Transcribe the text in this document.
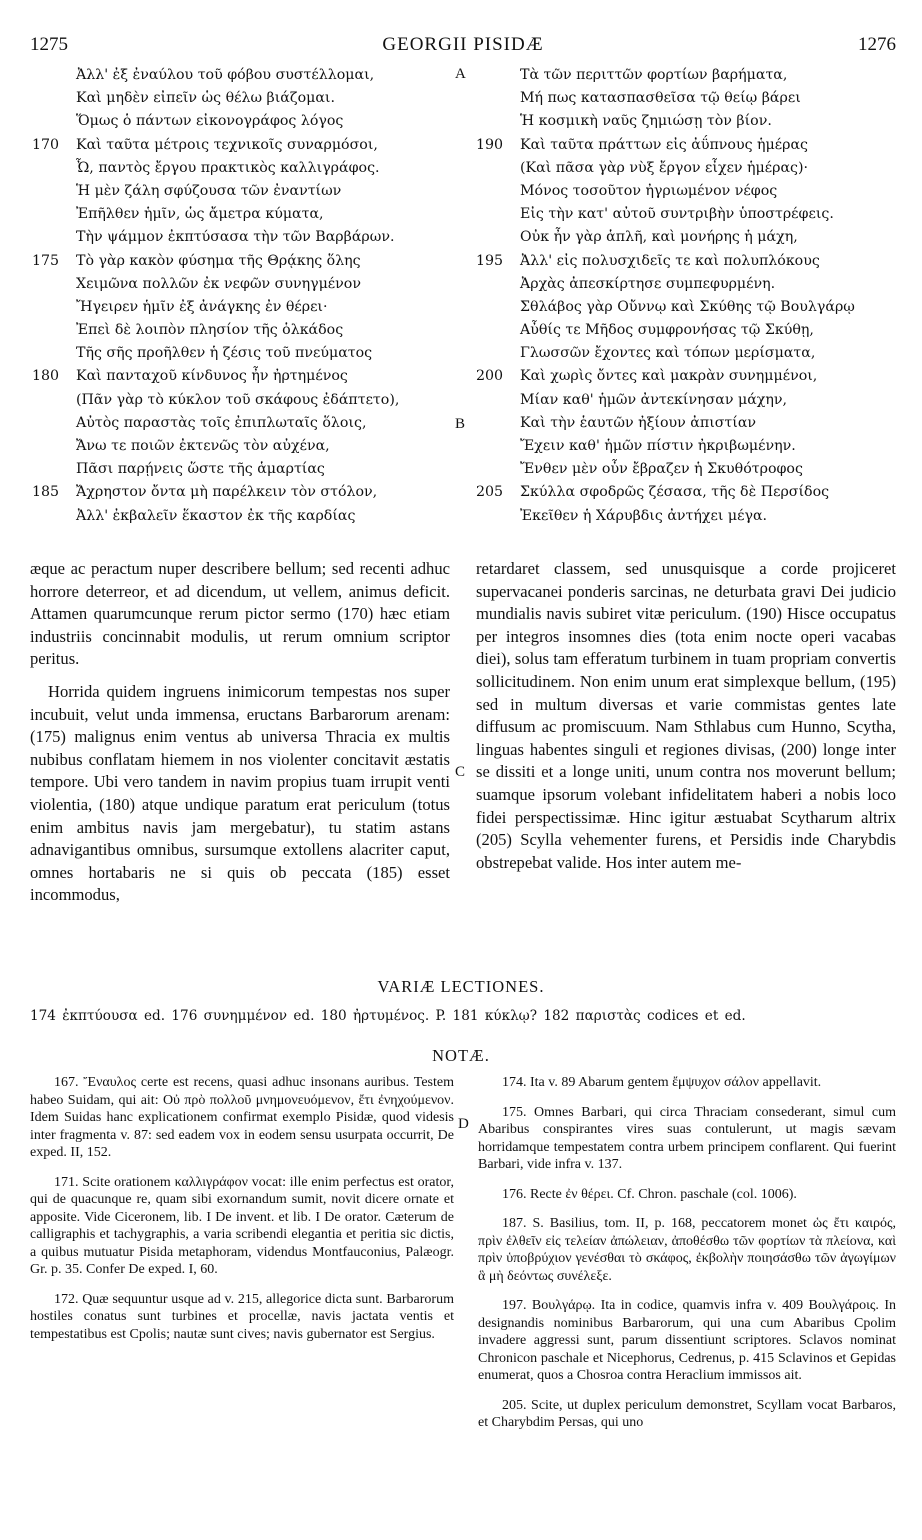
1275	GEORGII PISIDÆ	1276
Ἀλλ' ἐξ ἐναύλου τοῦ φόβου συστέλλομαι,
Καὶ μηδὲν εἰπεῖν ὡς θέλω βιάζομαι.
Ὅμως ὁ πάντων εἰκονογράφος λόγος
170	Καὶ ταῦτα μέτροις τεχνικοῖς συναρμόσοι,
Ὦ, παντὸς ἔργου πρακτικὸς καλλιγράφος.
Ἡ μὲν ζάλη σφύζουσα τῶν ἐναντίων
Ἐπῆλθεν ἡμῖν, ὡς ἄμετρα κύματα,
Τὴν ψάμμον ἐκπτύσασα τὴν τῶν Βαρβάρων.
175	Τὸ γὰρ κακὸν φύσημα τῆς Θρᾴκης ὅλης
Χειμῶνα πολλῶν ἐκ νεφῶν συνηγμένον
Ἤγειρεν ἡμῖν ἐξ ἀνάγκης ἐν θέρει·
Ἐπεὶ δὲ λοιπὸν πλησίον τῆς ὁλκάδος
Τῆς σῆς προῆλθεν ἡ ζέσις τοῦ πνεύματος
180	Καὶ πανταχοῦ κίνδυνος ἦν ἠρτημένος
(Πᾶν γὰρ τὸ κύκλον τοῦ σκάφους ἐδάπτετο),
Αὐτὸς παραστὰς τοῖς ἐπιπλωταῖς ὅλοις,
Ἄνω τε ποιῶν ἐκτενῶς τὸν αὐχένα,
Πᾶσι παρῄνεις ὥστε τῆς ἁμαρτίας
185	Ἄχρηστον ὄντα μὴ παρέλκειν τὸν στόλον,
Ἀλλ' ἐκβαλεῖν ἕκαστον ἐκ τῆς καρδίας
Τὰ τῶν περιττῶν φορτίων βαρήματα,
Μή πως κατασπασθεῖσα τῷ θείῳ βάρει
Ἡ κοσμικὴ ναῦς ζημιώσῃ τὸν βίον.
190	Καὶ ταῦτα πράττων εἰς ἀΰπνους ἡμέρας
(Καὶ πᾶσα γὰρ νὺξ ἔργον εἶχεν ἡμέρας)·
Μόνος τοσοῦτον ἠγριωμένον νέφος
Εἰς τὴν κατ' αὐτοῦ συντριβὴν ὑποστρέφεις.
Οὐκ ἦν γὰρ ἁπλῆ, καὶ μονήρης ἡ μάχη,
195	Ἀλλ' εἰς πολυσχιδεῖς τε καὶ πολυπλόκους
Ἀρχὰς ἀπεσκίρτησε συμπεφυρμένη.
Σθλάβος γὰρ Οὔννῳ καὶ Σκύθης τῷ Βουλγάρῳ
Αὖθίς τε Μῆδος συμφρονήσας τῷ Σκύθῃ,
Γλωσσῶν ἔχοντες καὶ τόπων μερίσματα,
200	Καὶ χωρὶς ὄντες καὶ μακρὰν συνημμένοι,
Μίαν καθ' ἡμῶν ἀντεκίνησαν μάχην,
Καὶ τὴν ἑαυτῶν ἠξίουν ἀπιστίαν
Ἔχειν καθ' ἡμῶν πίστιν ἠκριβωμένην.
Ἔνθεν μὲν οὖν ἔβραζεν ἡ Σκυθότροφος
205	Σκύλλα σφοδρῶς ζέσασα, τῆς δὲ Περσίδος
Ἐκεῖθεν ἡ Χάρυβδις ἀντήχει μέγα.
A
B
C
D

æque ac peractum nuper describere bellum; sed recenti adhuc horrore deterreor, et ad dicendum, ut vellem, animus deficit. Attamen quarumcunque rerum pictor sermo (170) hæc etiam industriis concinnabit modulis, ut rerum omnium scriptor peritus.

Horrida quidem ingruens inimicorum tempestas nos super incubuit, velut unda immensa, eructans Barbarorum arenam: (175) malignus enim ventus ab universa Thracia ex multis nubibus conflatam hiemem in nos violenter concitavit æstatis tempore. Ubi vero tandem in navim propius tuam irrupit venti violentia, (180) atque undique paratum erat periculum (totus enim ambitus navis jam mergebatur), tu statim astans adnavigantibus omnibus, sursumque extollens alacriter caput, omnes hortabaris ne si quis ob peccata (185) esset incommodus,

retardaret classem, sed unusquisque a corde projiceret supervacanei ponderis sarcinas, ne deturbata gravi Dei judicio mundialis navis subiret vitæ periculum. (190) Hisce occupatus per integros insomnes dies (tota enim nocte operi vacabas diei), solus tam efferatum turbinem in tuam propriam convertis sollicitudinem. Non enim unum erat simplexque bellum, (195) sed in multum diversas et varie commistas gentes late diffusum ac promiscuum. Nam Sthlabus cum Hunno, Scytha, linguas habentes singuli et regiones divisas, (200) longe inter se dissiti et a longe uniti, unum contra nos moverunt bellum; suamque ipsorum volebant infidelitatem haberi a nobis loco fidei perspectissimæ. Hinc igitur æstuabat Scytharum altrix (205) Scylla vehementer furens, et Persidis inde Charybdis obstrepebat valide. Hos inter autem me-

VARIÆ LECTIONES.
174 ἐκπτύουσα ed. 176 συνημμένον ed. 180 ἠρτυμένος. P. 181 κύκλῳ? 182 παριστὰς codices et ed.
NOTÆ.

167. Ἔναυλος certe est recens, quasi adhuc insonans auribus. Testem habeo Suidam, qui ait: Οὐ πρὸ πολλοῦ μνημονευόμενον, ἔτι ἐνηχούμενον. Idem Suidas hanc explicationem confirmat exemplo Pisidæ, quod videsis inter fragmenta v. 87: sed eadem vox in eodem sensu usurpata occurrit, De exped. II, 152.

171. Scite orationem καλλιγράφον vocat: ille enim perfectus est orator, qui de quacunque re, quam sibi exornandum sumit, novit dicere ornate et apposite. Vide Ciceronem, lib. I De invent. et lib. I De orator. Cæterum de calligraphis et tachygraphis, a varia scribendi elegantia et peritia sic dictis, a quibus mutuatur Pisida metaphoram, videndus Montfauconius, Palæogr. Gr. p. 35. Confer De exped. I, 60.

172. Quæ sequuntur usque ad v. 215, allegorice dicta sunt. Barbarorum hostiles conatus sunt turbines et procellæ, navis jactata ventis et tempestatibus est Cpolis; nautæ sunt cives; navis gubernator est Sergius.

174. Ita v. 89 Abarum gentem ἔμψυχον σάλον appellavit.

175. Omnes Barbari, qui circa Thraciam consederant, simul cum Abaribus conspirantes vires suas contulerunt, ut magis sævam horridamque tempestatem contra urbem principem conflarent. Qui fuerint Barbari, vide infra v. 137.

176. Recte ἐν θέρει. Cf. Chron. paschale (col. 1006).

187. S. Basilius, tom. II, p. 168, peccatorem monet ὡς ἔτι καιρός, πρὶν ἐλθεῖν εἰς τελείαν ἀπώλειαν, ἀποθέσθω τῶν φορτίων τὰ πλείονα, καὶ πρὶν ὑποβρύχιον γενέσθαι τὸ σκάφος, ἐκβολὴν ποιησάσθω τῶν ἀγωγίμων ἃ μὴ δεόντως συνέλεξε.

197. Βουλγάρῳ. Ita in codice, quamvis infra v. 409 Βουλγάροις. In designandis nominibus Barbarorum, qui una cum Abaribus Cpolim invadere aggressi sunt, parum dissentiunt scriptores. Sclavos nominat Chronicon paschale et Nicephorus, Cedrenus, p. 415 Sclavinos et Gepidas enumerat, quos a Chosroa contra Heraclium immissos ait.

205. Scite, ut duplex periculum demonstret, Scyllam vocat Barbaros, et Charybdim Persas, qui uno
